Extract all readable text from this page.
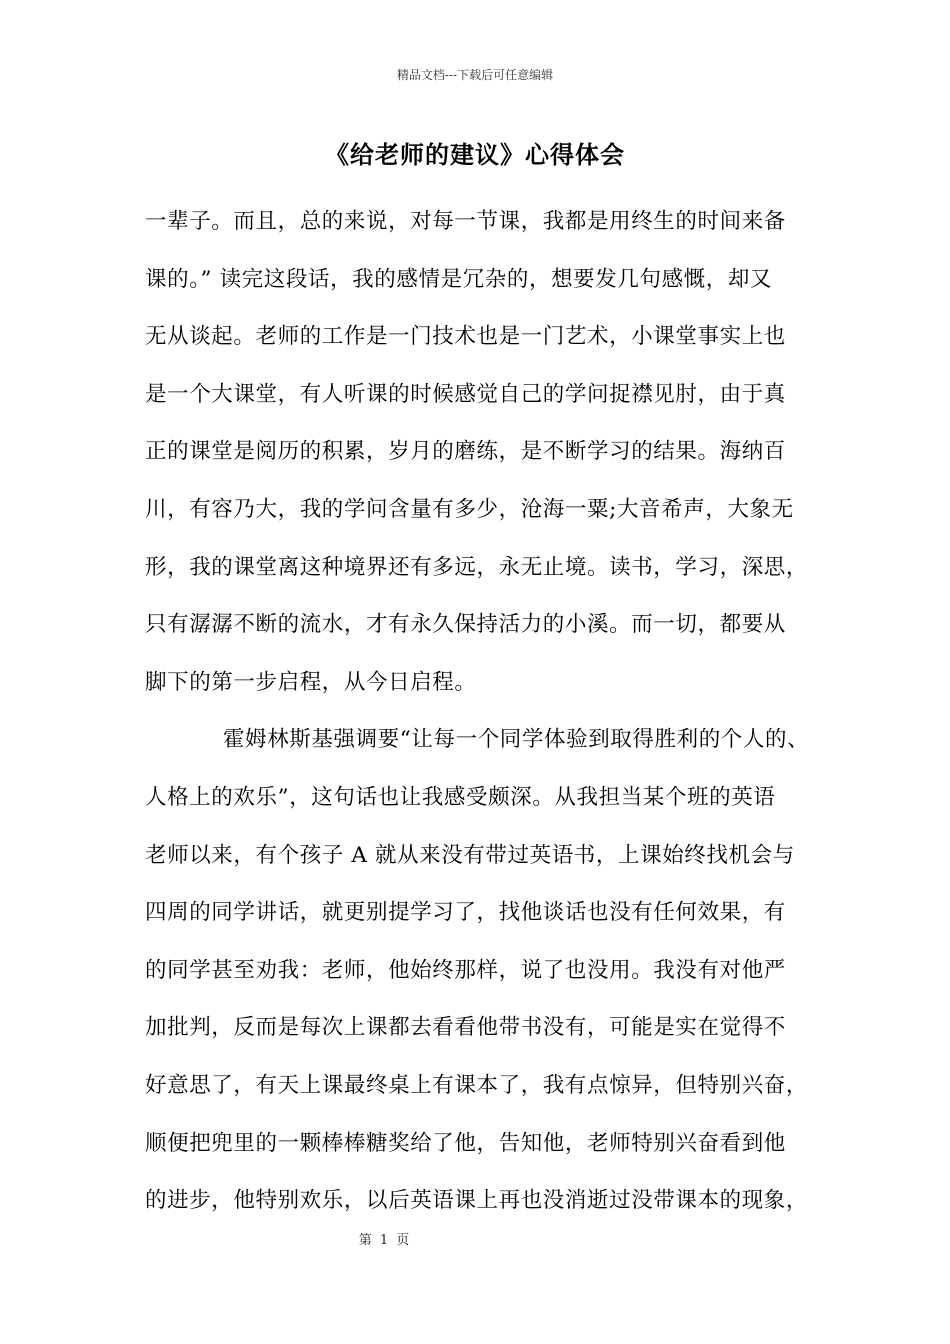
精品文档---下载后可任意编辑
《给老师的建议》心得体会
一辈子。而且，总的来说，对每一节课，我都是用终生的时间来备
课的。” 读完这段话，我的感情是冗杂的，想要发几句感慨，却又
无从谈起。老师的工作是一门技术也是一门艺术，小课堂事实上也
是一个大课堂，有人听课的时候感觉自己的学问捉襟见肘，由于真
正的课堂是阅历的积累，岁月的磨练，是不断学习的结果。海纳百
川，有容乃大，我的学问含量有多少，沧海一粟;大音希声，大象无
形，我的课堂离这种境界还有多远，永无止境。读书，学习，深思，
只有潺潺不断的流水，才有永久保持活力的小溪。而一切，都要从
脚下的第一步启程，从今日启程。
霍姆林斯基强调要“让每一个同学体验到取得胜利的个人的、
人格上的欢乐”，这句话也让我感受颇深。从我担当某个班的英语
老师以来，有个孩子 A 就从来没有带过英语书，上课始终找机会与
四周的同学讲话，就更别提学习了，找他谈话也没有任何效果，有
的同学甚至劝我：老师，他始终那样，说了也没用。我没有对他严
加批判，反而是每次上课都去看看他带书没有，可能是实在觉得不
好意思了，有天上课最终桌上有课本了，我有点惊异，但特别兴奋，
顺便把兜里的一颗棒棒糖奖给了他，告知他，老师特别兴奋看到他
的进步，他特别欢乐，以后英语课上再也没消逝过没带课本的现象，
第 1 页
